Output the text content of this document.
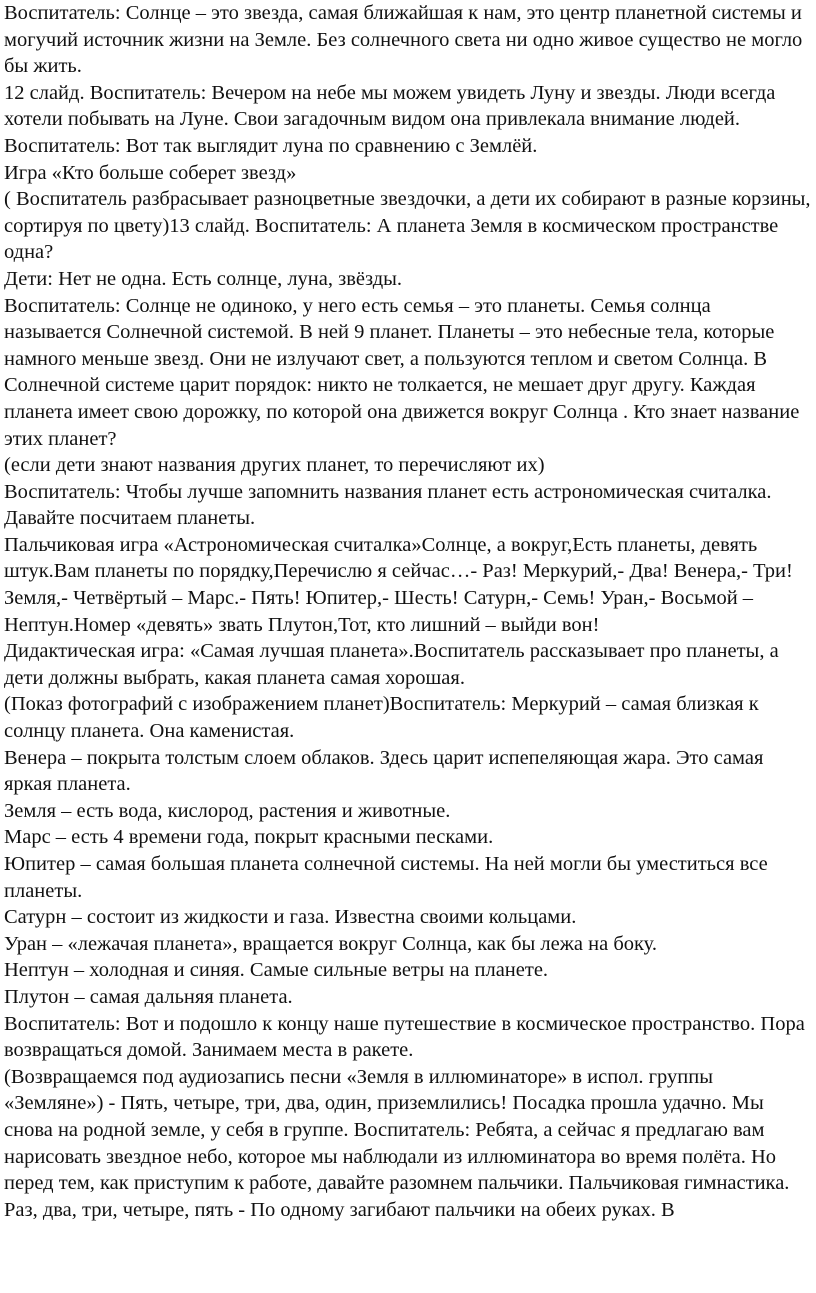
Воспитатель: Солнце – это звезда, самая ближайшая к нам, это центр планетной системы и могучий источник жизни на Земле. Без солнечного света ни одно живое существо не могло бы жить.

12 слайд. Воспитатель: Вечером на небе мы можем увидеть Луну и звезды. Люди всегда хотели побывать на Луне. Свои загадочным видом она привлекала внимание людей.

Воспитатель: Вот так выглядит луна по сравнению с Землёй.

Игра «Кто больше соберет звезд»

( Воспитатель разбрасывает разноцветные звездочки, а дети их собирают в разные корзины, сортируя по цвету)13 слайд. Воспитатель: А планета Земля в космическом пространстве одна?

Дети: Нет не одна. Есть солнце, луна, звёзды.

Воспитатель: Солнце не одиноко, у него есть семья – это планеты. Семья солнца называется Солнечной системой. В ней 9 планет. Планеты – это небесные тела, которые намного меньше звезд. Они не излучают свет, а пользуются теплом и светом Солнца. В Солнечной системе царит порядок: никто не толкается, не мешает друг другу. Каждая планета имеет свою дорожку, по которой она движется вокруг Солнца . Кто знает название этих планет?

(если дети знают названия других планет, то перечисляют их)

Воспитатель: Чтобы лучше запомнить названия планет есть астрономическая считалка. Давайте посчитаем планеты.

Пальчиковая игра «Астрономическая считалка»Солнце, а вокруг,Есть планеты, девять штук.Вам планеты по порядку,Перечислю я сейчас…- Раз! Меркурий,- Два! Венера,- Три! Земля,- Четвёртый – Марс.- Пять! Юпитер,- Шесть! Сатурн,- Семь! Уран,- Восьмой – Нептун.Номер «девять» звать Плутон,Тот, кто лишний – выйди вон!

Дидактическая игра: «Самая лучшая планета».Воспитатель рассказывает про планеты, а дети должны выбрать, какая планета самая хорошая.

(Показ фотографий с изображением планет)Воспитатель: Меркурий – самая близкая к солнцу планета. Она каменистая.

Венера – покрыта толстым слоем облаков. Здесь царит испепеляющая жара. Это самая яркая планета.

Земля – есть вода, кислород, растения и животные.

Марс – есть 4 времени года, покрыт красными песками.

Юпитер – самая большая планета солнечной системы. На ней могли бы уместиться все планеты.

Сатурн – состоит из жидкости и газа. Известна своими кольцами.

Уран – «лежачая планета», вращается вокруг Солнца, как бы лежа на боку.

Нептун – холодная и синяя. Самые сильные ветры на планете.

Плутон – самая дальняя планета.

Воспитатель: Вот и подошло к концу наше путешествие в космическое пространство. Пора возвращаться домой. Занимаем места в ракете.

(Возвращаемся под аудиозапись песни «Земля в иллюминаторе» в испол. группы «Земляне») - Пять, четыре, три, два, один, приземлились! Посадка прошла удачно. Мы снова на родной земле, у себя в группе. Воспитатель: Ребята, а сейчас я предлагаю вам нарисовать звездное небо, которое мы наблюдали из иллюминатора во время полёта. Но перед тем, как приступим к работе, давайте разомнем пальчики. Пальчиковая гимнастика. Раз, два, три, четыре, пять - По одному загибают пальчики на обеих руках. В
